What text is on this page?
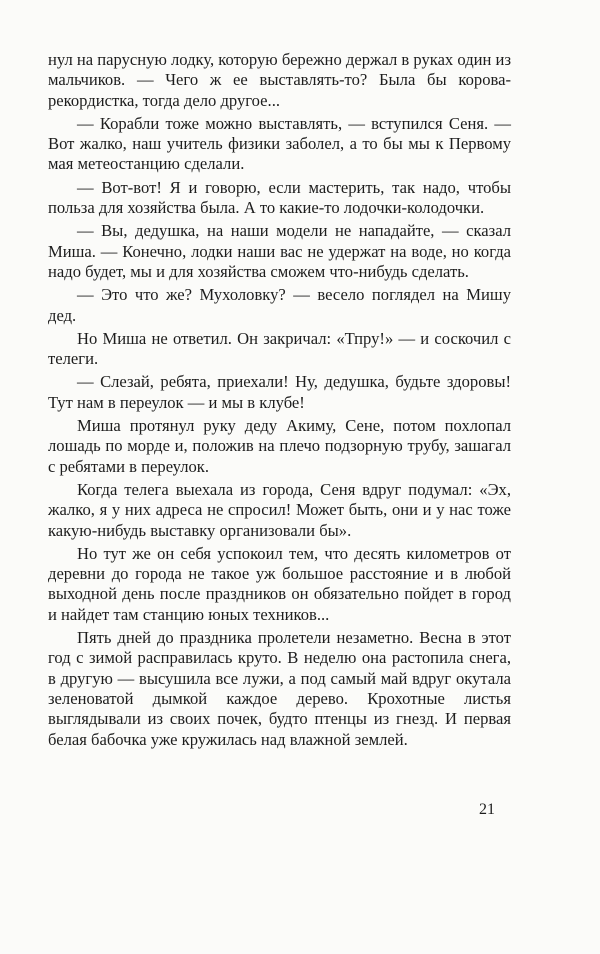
нул на парусную лодку, которую бережно держал в руках один из мальчиков. — Чего ж ее выставлять-то? Была бы корова-рекордистка, тогда дело другое...

— Корабли тоже можно выставлять, — вступился Сеня. — Вот жалко, наш учитель физики заболел, а то бы мы к Первому мая метеостанцию сделали.

— Вот-вот! Я и говорю, если мастерить, так надо, чтобы польза для хозяйства была. А то какие-то лодочки-колодочки.

— Вы, дедушка, на наши модели не нападайте, — сказал Миша. — Конечно, лодки наши вас не удержат на воде, но когда надо будет, мы и для хозяйства сможем что-нибудь сделать.

— Это что же? Мухоловку? — весело поглядел на Мишу дед.

Но Миша не ответил. Он закричал: «Тпру!» — и соскочил с телеги.

— Слезай, ребята, приехали! Ну, дедушка, будьте здоровы! Тут нам в переулок — и мы в клубе!

Миша протянул руку деду Акиму, Сене, потом похлопал лошадь по морде и, положив на плечо подзорную трубу, зашагал с ребятами в переулок.

Когда телега выехала из города, Сеня вдруг подумал: «Эх, жалко, я у них адреса не спросил! Может быть, они и у нас тоже какую-нибудь выставку организовали бы».

Но тут же он себя успокоил тем, что десять километров от деревни до города не такое уж большое расстояние и в любой выходной день после праздников он обязательно пойдет в город и найдет там станцию юных техников...

Пять дней до праздника пролетели незаметно. Весна в этот год с зимой расправилась круто. В неделю она растопила снега, в другую — высушила все лужи, а под самый май вдруг окутала зеленоватой дымкой каждое дерево. Крохотные листья выглядывали из своих почек, будто птенцы из гнезд. И первая белая бабочка уже кружилась над влажной землей.

21
